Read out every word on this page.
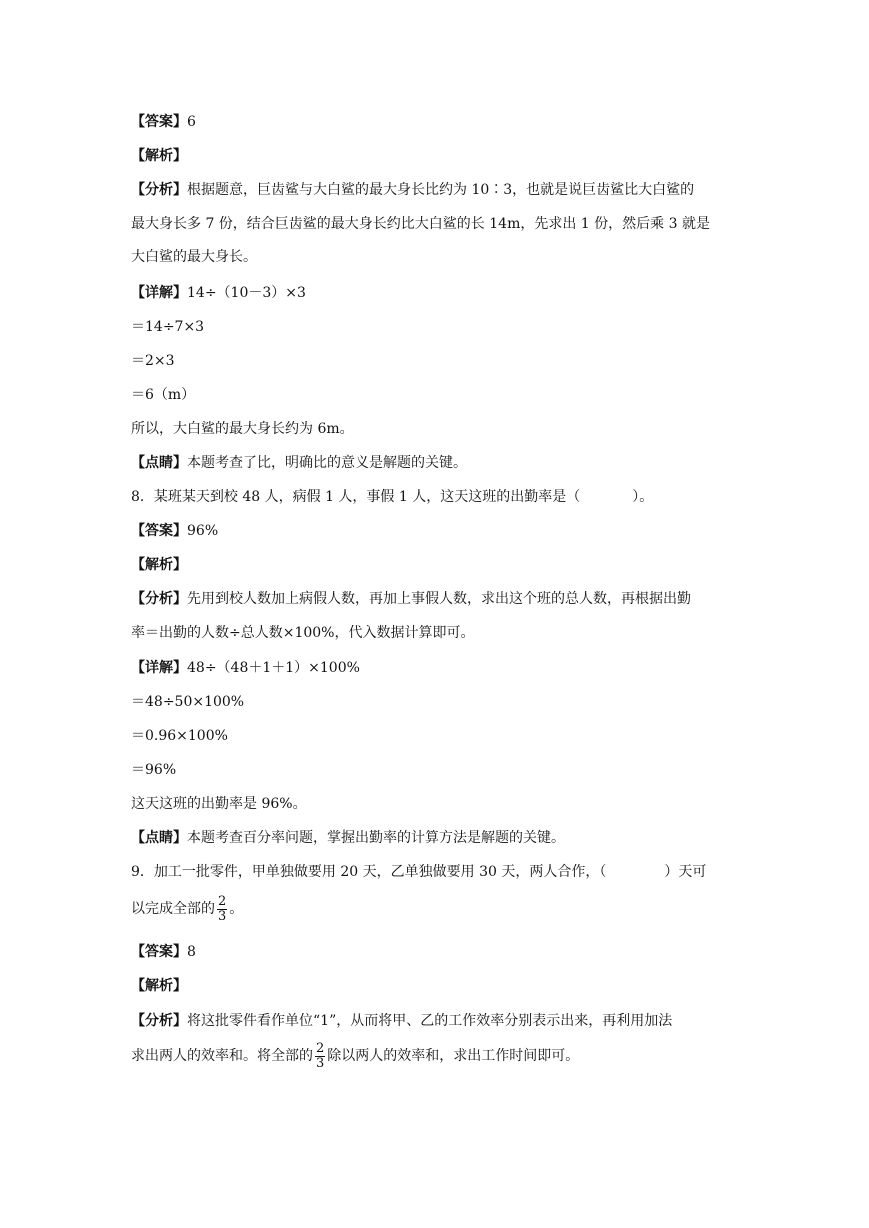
【答案】6
【解析】
【分析】根据题意，巨齿鲨与大白鲨的最大身长比约为 10∶3，也就是说巨齿鲨比大白鲨的
最大身长多 7 份，结合巨齿鲨的最大身长约比大白鲨的长 14m，先求出 1 份，然后乘 3 就是
大白鲨的最大身长。
【详解】14÷（10－3）×3
＝14÷7×3
＝2×3
＝6（m）
所以，大白鲨的最大身长约为 6m。
【点睛】本题考查了比，明确比的意义是解题的关键。
8．某班某天到校 48 人，病假 1 人，事假 1 人，这天这班的出勤率是（	）。
【答案】96%
【解析】
【分析】先用到校人数加上病假人数，再加上事假人数，求出这个班的总人数，再根据出勤
率＝出勤的人数÷总人数×100%，代入数据计算即可。
【详解】48÷（48＋1＋1）×100%
＝48÷50×100%
＝0.96×100%
＝96%
这天这班的出勤率是 96%。
【点睛】本题考查百分率问题，掌握出勤率的计算方法是解题的关键。
9．加工一批零件，甲单独做要用 20 天，乙单独做要用 30 天，两人合作，（	）天可
以完成全部的 $\frac{2}{3}$ 。
【答案】8
【解析】
【分析】将这批零件看作单位“1”，从而将甲、乙的工作效率分别表示出来，再利用加法
求出两人的效率和。将全部的 $\frac{2}{3}$ 除以两人的效率和，求出工作时间即可。
